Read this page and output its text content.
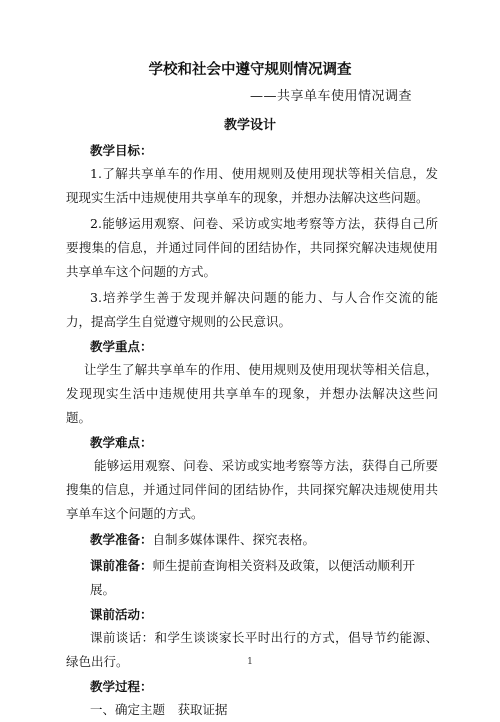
学校和社会中遵守规则情况调查
——共享单车使用情况调查
教学设计

教学目标：

1.了解共享单车的作用、使用规则及使用现状等相关信息，发现现实生活中违规使用共享单车的现象，并想办法解决这些问题。

2.能够运用观察、问卷、采访或实地考察等方法，获得自己所要搜集的信息，并通过同伴间的团结协作，共同探究解决违规使用共享单车这个问题的方式。

3.培养学生善于发现并解决问题的能力、与人合作交流的能力，提高学生自觉遵守规则的公民意识。

教学重点：

让学生了解共享单车的作用、使用规则及使用现状等相关信息，发现现实生活中违规使用共享单车的现象，并想办法解决这些问题。

教学难点：

能够运用观察、问卷、采访或实地考察等方法，获得自己所要搜集的信息，并通过同伴间的团结协作，共同探究解决违规使用共享单车这个问题的方式。

教学准备：自制多媒体课件、探究表格。

课前准备：师生提前查询相关资料及政策，以便活动顺利开展。

课前活动：

课前谈话：和学生谈谈家长平时出行的方式，倡导节约能源、绿色出行。

教学过程：

一、确定主题　获取证据

1
